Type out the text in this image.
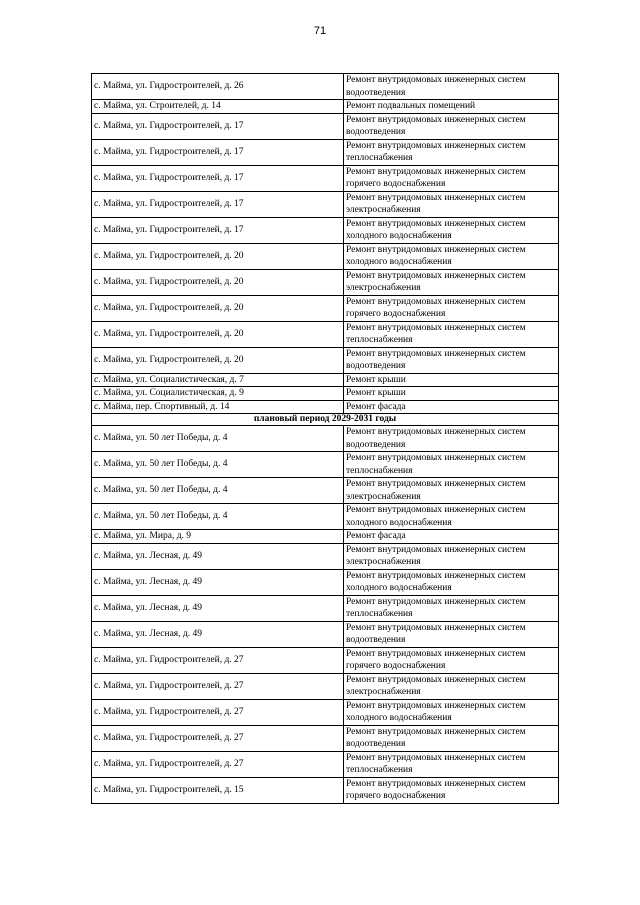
71
с. Майма, ул. Гидростроителей, д. 26	Ремонт внутридомовых инженерных систем
водоотведения

с. Майма, ул. Строителей, д. 14	Ремонт подвальных помещений

с. Майма, ул. Гидростроителей, д. 17	Ремонт внутридомовых инженерных систем
водоотведения

с. Майма, ул. Гидростроителей, д. 17	Ремонт внутридомовых инженерных систем
теплоснабжения

с. Майма, ул. Гидростроителей, д. 17	Ремонт внутридомовых инженерных систем
горячего водоснабжения

с. Майма, ул. Гидростроителей, д. 17	Ремонт внутридомовых инженерных систем
электроснабжения

с. Майма, ул. Гидростроителей, д. 17	Ремонт внутридомовых инженерных систем
холодного водоснабжения

с. Майма, ул. Гидростроителей, д. 20	Ремонт внутридомовых инженерных систем
холодного водоснабжения

с. Майма, ул. Гидростроителей, д. 20	Ремонт внутридомовых инженерных систем
электроснабжения

с. Майма, ул. Гидростроителей, д. 20	Ремонт внутридомовых инженерных систем
горячего водоснабжения

с. Майма, ул. Гидростроителей, д. 20	Ремонт внутридомовых инженерных систем
теплоснабжения

с. Майма, ул. Гидростроителей, д. 20	Ремонт внутридомовых инженерных систем
водоотведения

с. Майма, ул. Социалистическая, д. 7	Ремонт крыши

с. Майма, ул. Социалистическая, д. 9	Ремонт крыши

с. Майма, пер. Спортивный, д. 14	Ремонт фасада

плановый период 2029-2031 годы	
с. Майма, ул. 50 лет Победы, д. 4	Ремонт внутридомовых инженерных систем
водоотведения

с. Майма, ул. 50 лет Победы, д. 4	Ремонт внутридомовых инженерных систем
теплоснабжения

с. Майма, ул. 50 лет Победы, д. 4	Ремонт внутридомовых инженерных систем
электроснабжения

с. Майма, ул. 50 лет Победы, д. 4	Ремонт внутридомовых инженерных систем
холодного водоснабжения

с. Майма, ул. Мира, д. 9	Ремонт фасада

с. Майма, ул. Лесная, д. 49	Ремонт внутридомовых инженерных систем
электроснабжения

с. Майма, ул. Лесная, д. 49	Ремонт внутридомовых инженерных систем
холодного водоснабжения

с. Майма, ул. Лесная, д. 49	Ремонт внутридомовых инженерных систем
теплоснабжения

с. Майма, ул. Лесная, д. 49	Ремонт внутридомовых инженерных систем
водоотведения

с. Майма, ул. Гидростроителей, д. 27	Ремонт внутридомовых инженерных систем
горячего водоснабжения

с. Майма, ул. Гидростроителей, д. 27	Ремонт внутридомовых инженерных систем
электроснабжения

с. Майма, ул. Гидростроителей, д. 27	Ремонт внутридомовых инженерных систем
холодного водоснабжения

с. Майма, ул. Гидростроителей, д. 27	Ремонт внутридомовых инженерных систем
водоотведения

с. Майма, ул. Гидростроителей, д. 27	Ремонт внутридомовых инженерных систем
теплоснабжения

с. Майма, ул. Гидростроителей, д. 15	Ремонт внутридомовых инженерных систем
горячего водоснабжения
